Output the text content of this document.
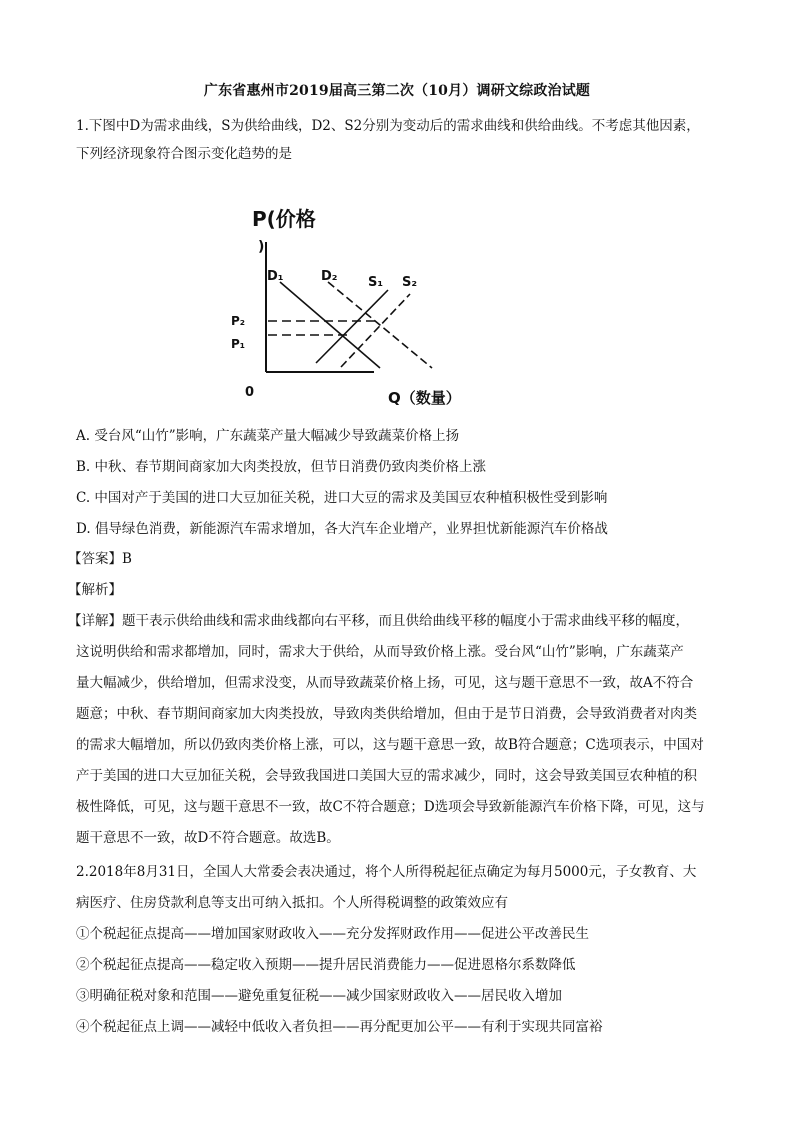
广东省惠州市2019届高三第二次（10月）调研文综政治试题
1.下图中D为需求曲线，S为供给曲线，D2、S2分别为变动后的需求曲线和供给曲线。不考虑其他因素，
下列经济现象符合图示变化趋势的是
P(价格
)
D₁	D₂ S₁ S₂
P₂
P₁
0	Q（数量）
A. 受台风“山竹”影响，广东蔬菜产量大幅减少导致蔬菜价格上扬
B. 中秋、春节期间商家加大肉类投放，但节日消费仍致肉类价格上涨
C. 中国对产于美国的进口大豆加征关税，进口大豆的需求及美国豆农种植积极性受到影响
D. 倡导绿色消费，新能源汽车需求增加，各大汽车企业增产，业界担忧新能源汽车价格战
【答案】B
【解析】
【详解】题干表示供给曲线和需求曲线都向右平移，而且供给曲线平移的幅度小于需求曲线平移的幅度，
这说明供给和需求都增加，同时，需求大于供给，从而导致价格上涨。受台风“山竹”影响，广东蔬菜产
量大幅减少，供给增加，但需求没变，从而导致蔬菜价格上扬，可见，这与题干意思不一致，故A不符合
题意；中秋、春节期间商家加大肉类投放，导致肉类供给增加，但由于是节日消费，会导致消费者对肉类
的需求大幅增加，所以仍致肉类价格上涨，可以，这与题干意思一致，故B符合题意；C选项表示，中国对
产于美国的进口大豆加征关税，会导致我国进口美国大豆的需求减少，同时，这会导致美国豆农种植的积
极性降低，可见，这与题干意思不一致，故C不符合题意；D选项会导致新能源汽车价格下降，可见，这与
题干意思不一致，故D不符合题意。故选B。
2.2018年8月31日，全国人大常委会表决通过，将个人所得税起征点确定为每月5000元，子女教育、大
病医疗、住房贷款利息等支出可纳入抵扣。个人所得税调整的政策效应有
①个税起征点提高——增加国家财政收入——充分发挥财政作用——促进公平改善民生
②个税起征点提高——稳定收入预期——提升居民消费能力——促进恩格尔系数降低
③明确征税对象和范围——避免重复征税——减少国家财政收入——居民收入增加
④个税起征点上调——减轻中低收入者负担——再分配更加公平——有利于实现共同富裕
